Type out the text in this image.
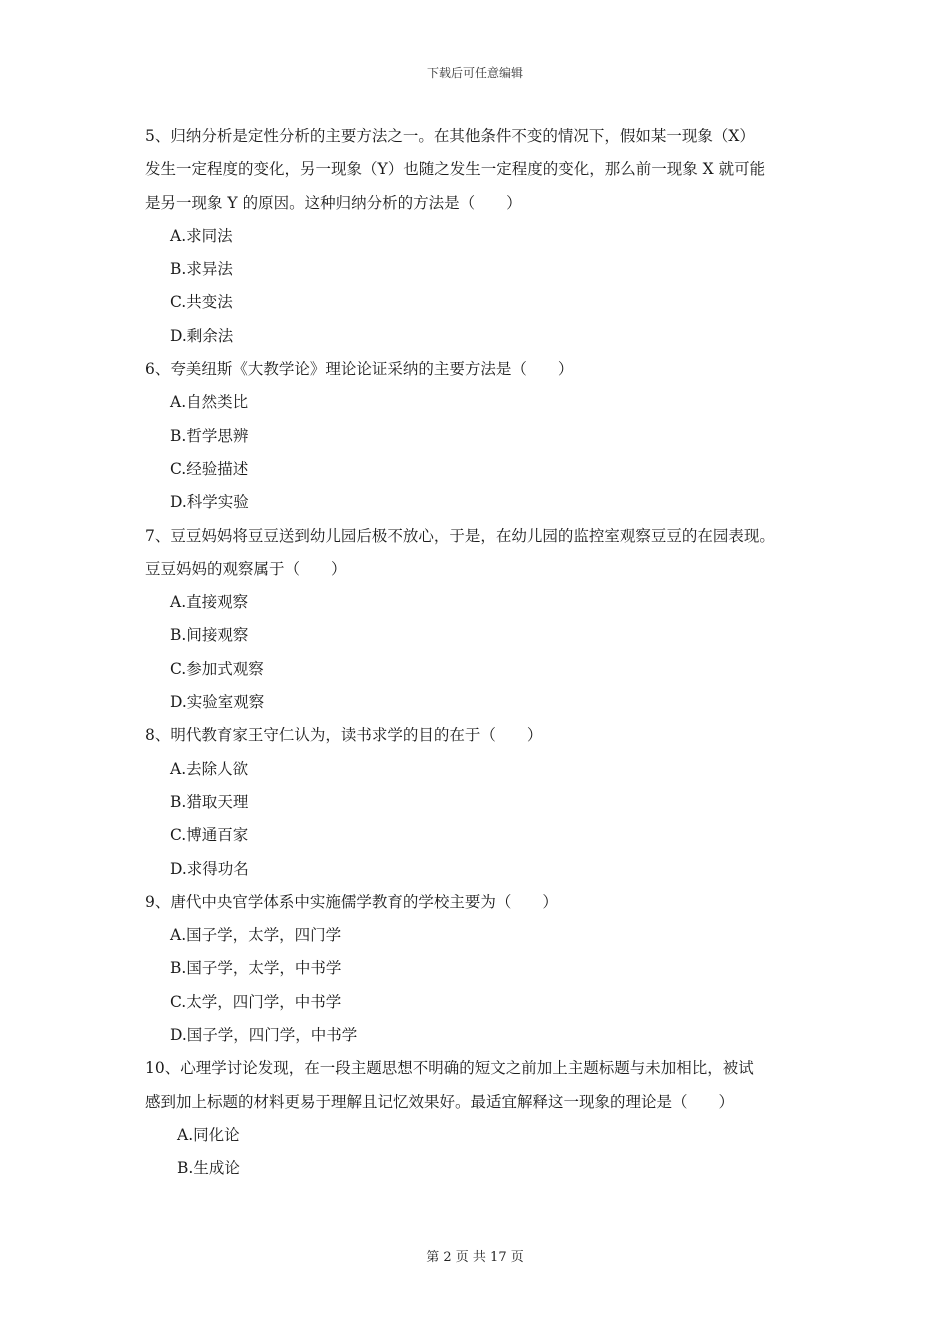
下载后可任意编辑
5、归纳分析是定性分析的主要方法之一。在其他条件不变的情况下，假如某一现象（X）
发生一定程度的变化，另一现象（Y）也随之发生一定程度的变化，那么前一现象 X 就可能
是另一现象 Y 的原因。这种归纳分析的方法是（　　）
A.求同法
B.求异法
C.共变法
D.剩余法
6、夸美纽斯《大教学论》理论论证采纳的主要方法是（　　）
A.自然类比
B.哲学思辨
C.经验描述
D.科学实验
7、豆豆妈妈将豆豆送到幼儿园后极不放心，于是，在幼儿园的监控室观察豆豆的在园表现。
豆豆妈妈的观察属于（　　）
A.直接观察
B.间接观察
C.参加式观察
D.实验室观察
8、明代教育家王守仁认为，读书求学的目的在于（　　）
A.去除人欲
B.猎取天理
C.博通百家
D.求得功名
9、唐代中央官学体系中实施儒学教育的学校主要为（　　）
A.国子学，太学，四门学
B.国子学，太学，中书学
C.太学，四门学，中书学
D.国子学，四门学，中书学
10、心理学讨论发现，在一段主题思想不明确的短文之前加上主题标题与未加相比，被试
感到加上标题的材料更易于理解且记忆效果好。最适宜解释这一现象的理论是（　　）
A.同化论
B.生成论
第 2 页 共 17 页
